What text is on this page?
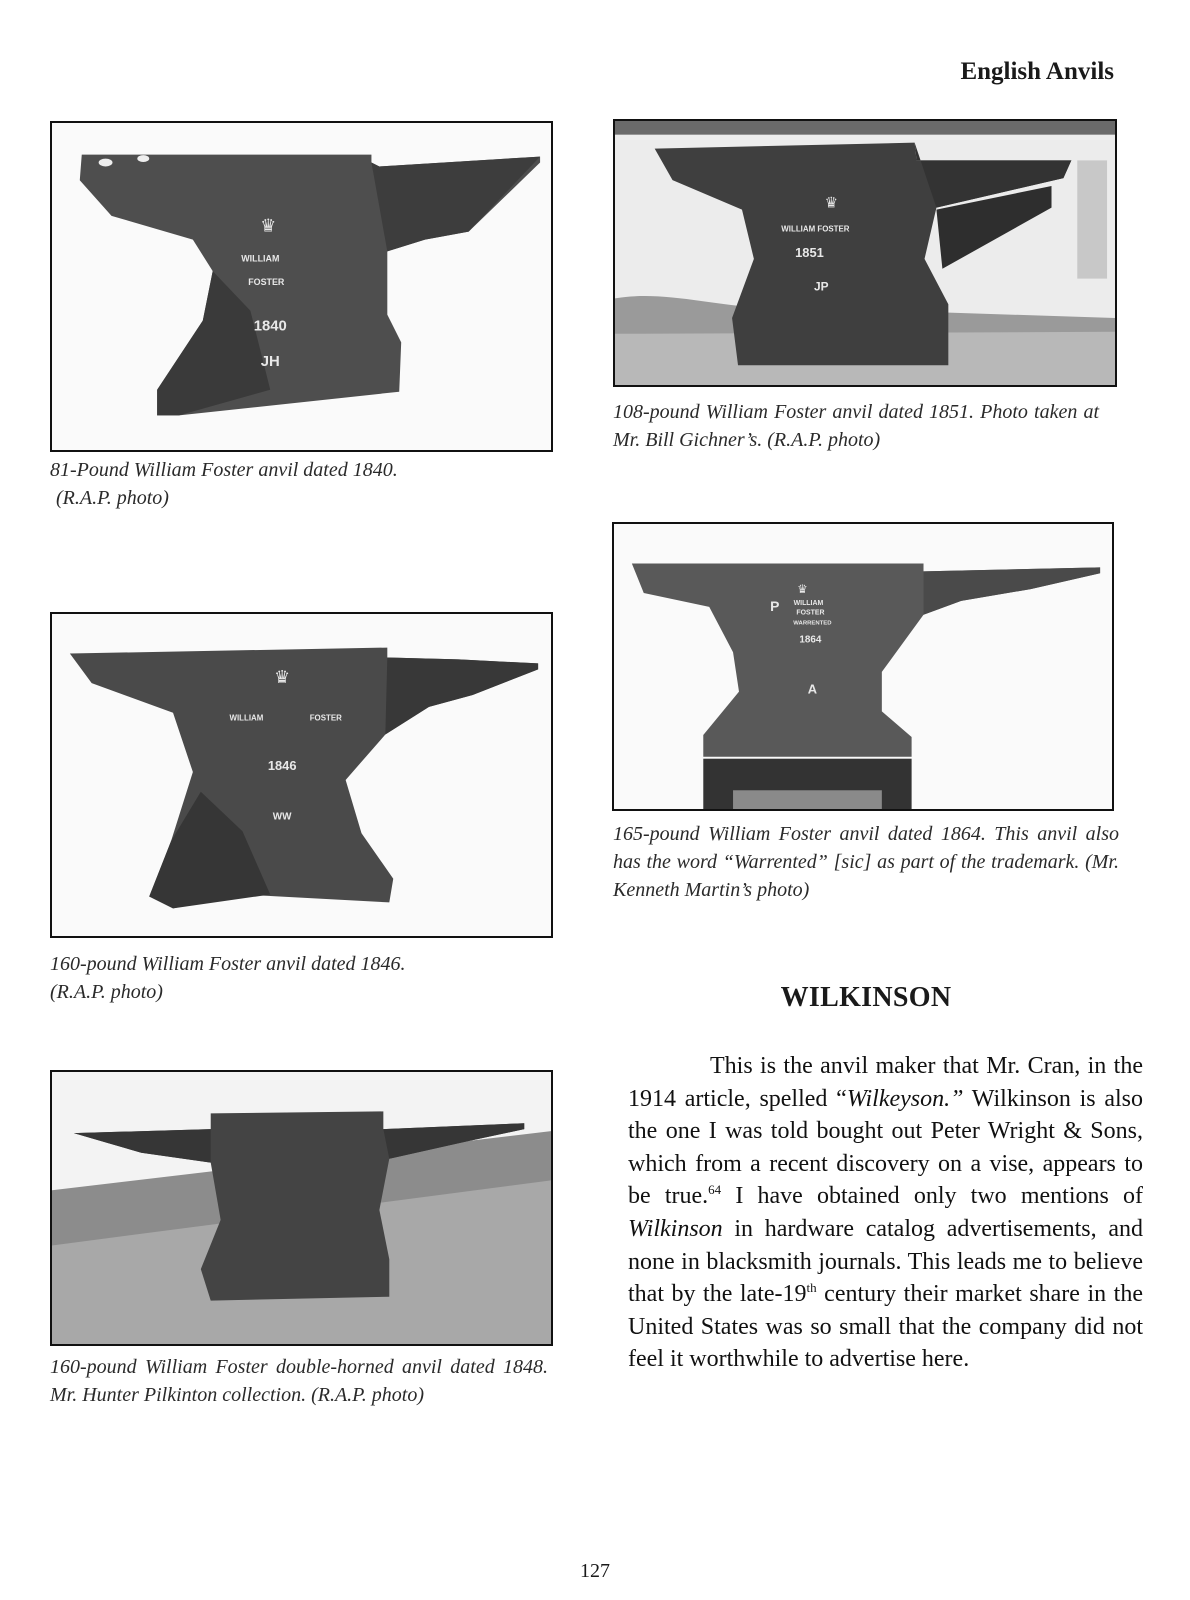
English Anvils
♛
WILLIAM
FOSTER
1840
JH
81-Pound William Foster anvil dated 1840.
(R.A.P. photo)
♛
WILLIAM FOSTER
1851
JP
108-pound William Foster anvil dated 1851. Photo taken at Mr. Bill Gichner’s. (R.A.P. photo)
♛
WILLIAM	FOSTER
1846
WW
160-pound William Foster anvil dated 1846.
(R.A.P. photo)
♛
P WILLIAM
FOSTER
WARRENTED
1864
A
165-pound William Foster anvil dated 1864. This anvil also has the word “Warrented” [sic] as part of the trademark. (Mr. Kenneth Martin’s photo)
160-pound William Foster double-horned anvil dated 1848. Mr. Hunter Pilkinton collection. (R.A.P. photo)
WILKINSON

This is the anvil maker that Mr. Cran, in the 1914 article, spelled “Wilkeyson.” Wilkinson is also the one I was told bought out Peter Wright & Sons, which from a recent discovery on a vise, appears to be true.$^{64}$ I have obtained only two mentions of Wilkinson in hardware catalog advertisements, and none in blacksmith journals. This leads me to believe that by the late-19th century their market share in the United States was so small that the company did not feel it worthwhile to advertise here.

127
